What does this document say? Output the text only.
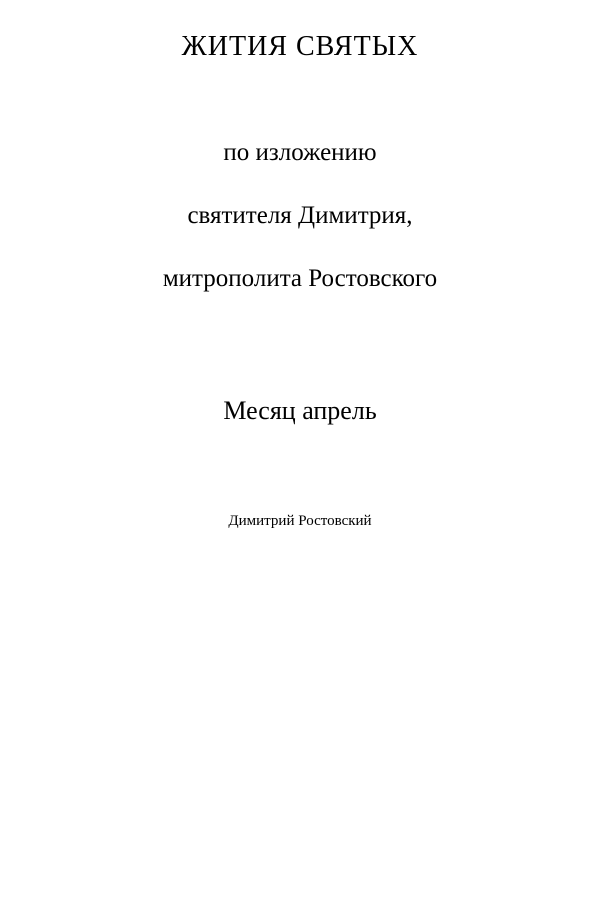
ЖИТИЯ СВЯТЫХ

по изложению

святителя Димитрия,

митрополита Ростовского

Месяц апрель

Димитрий Ростовский
